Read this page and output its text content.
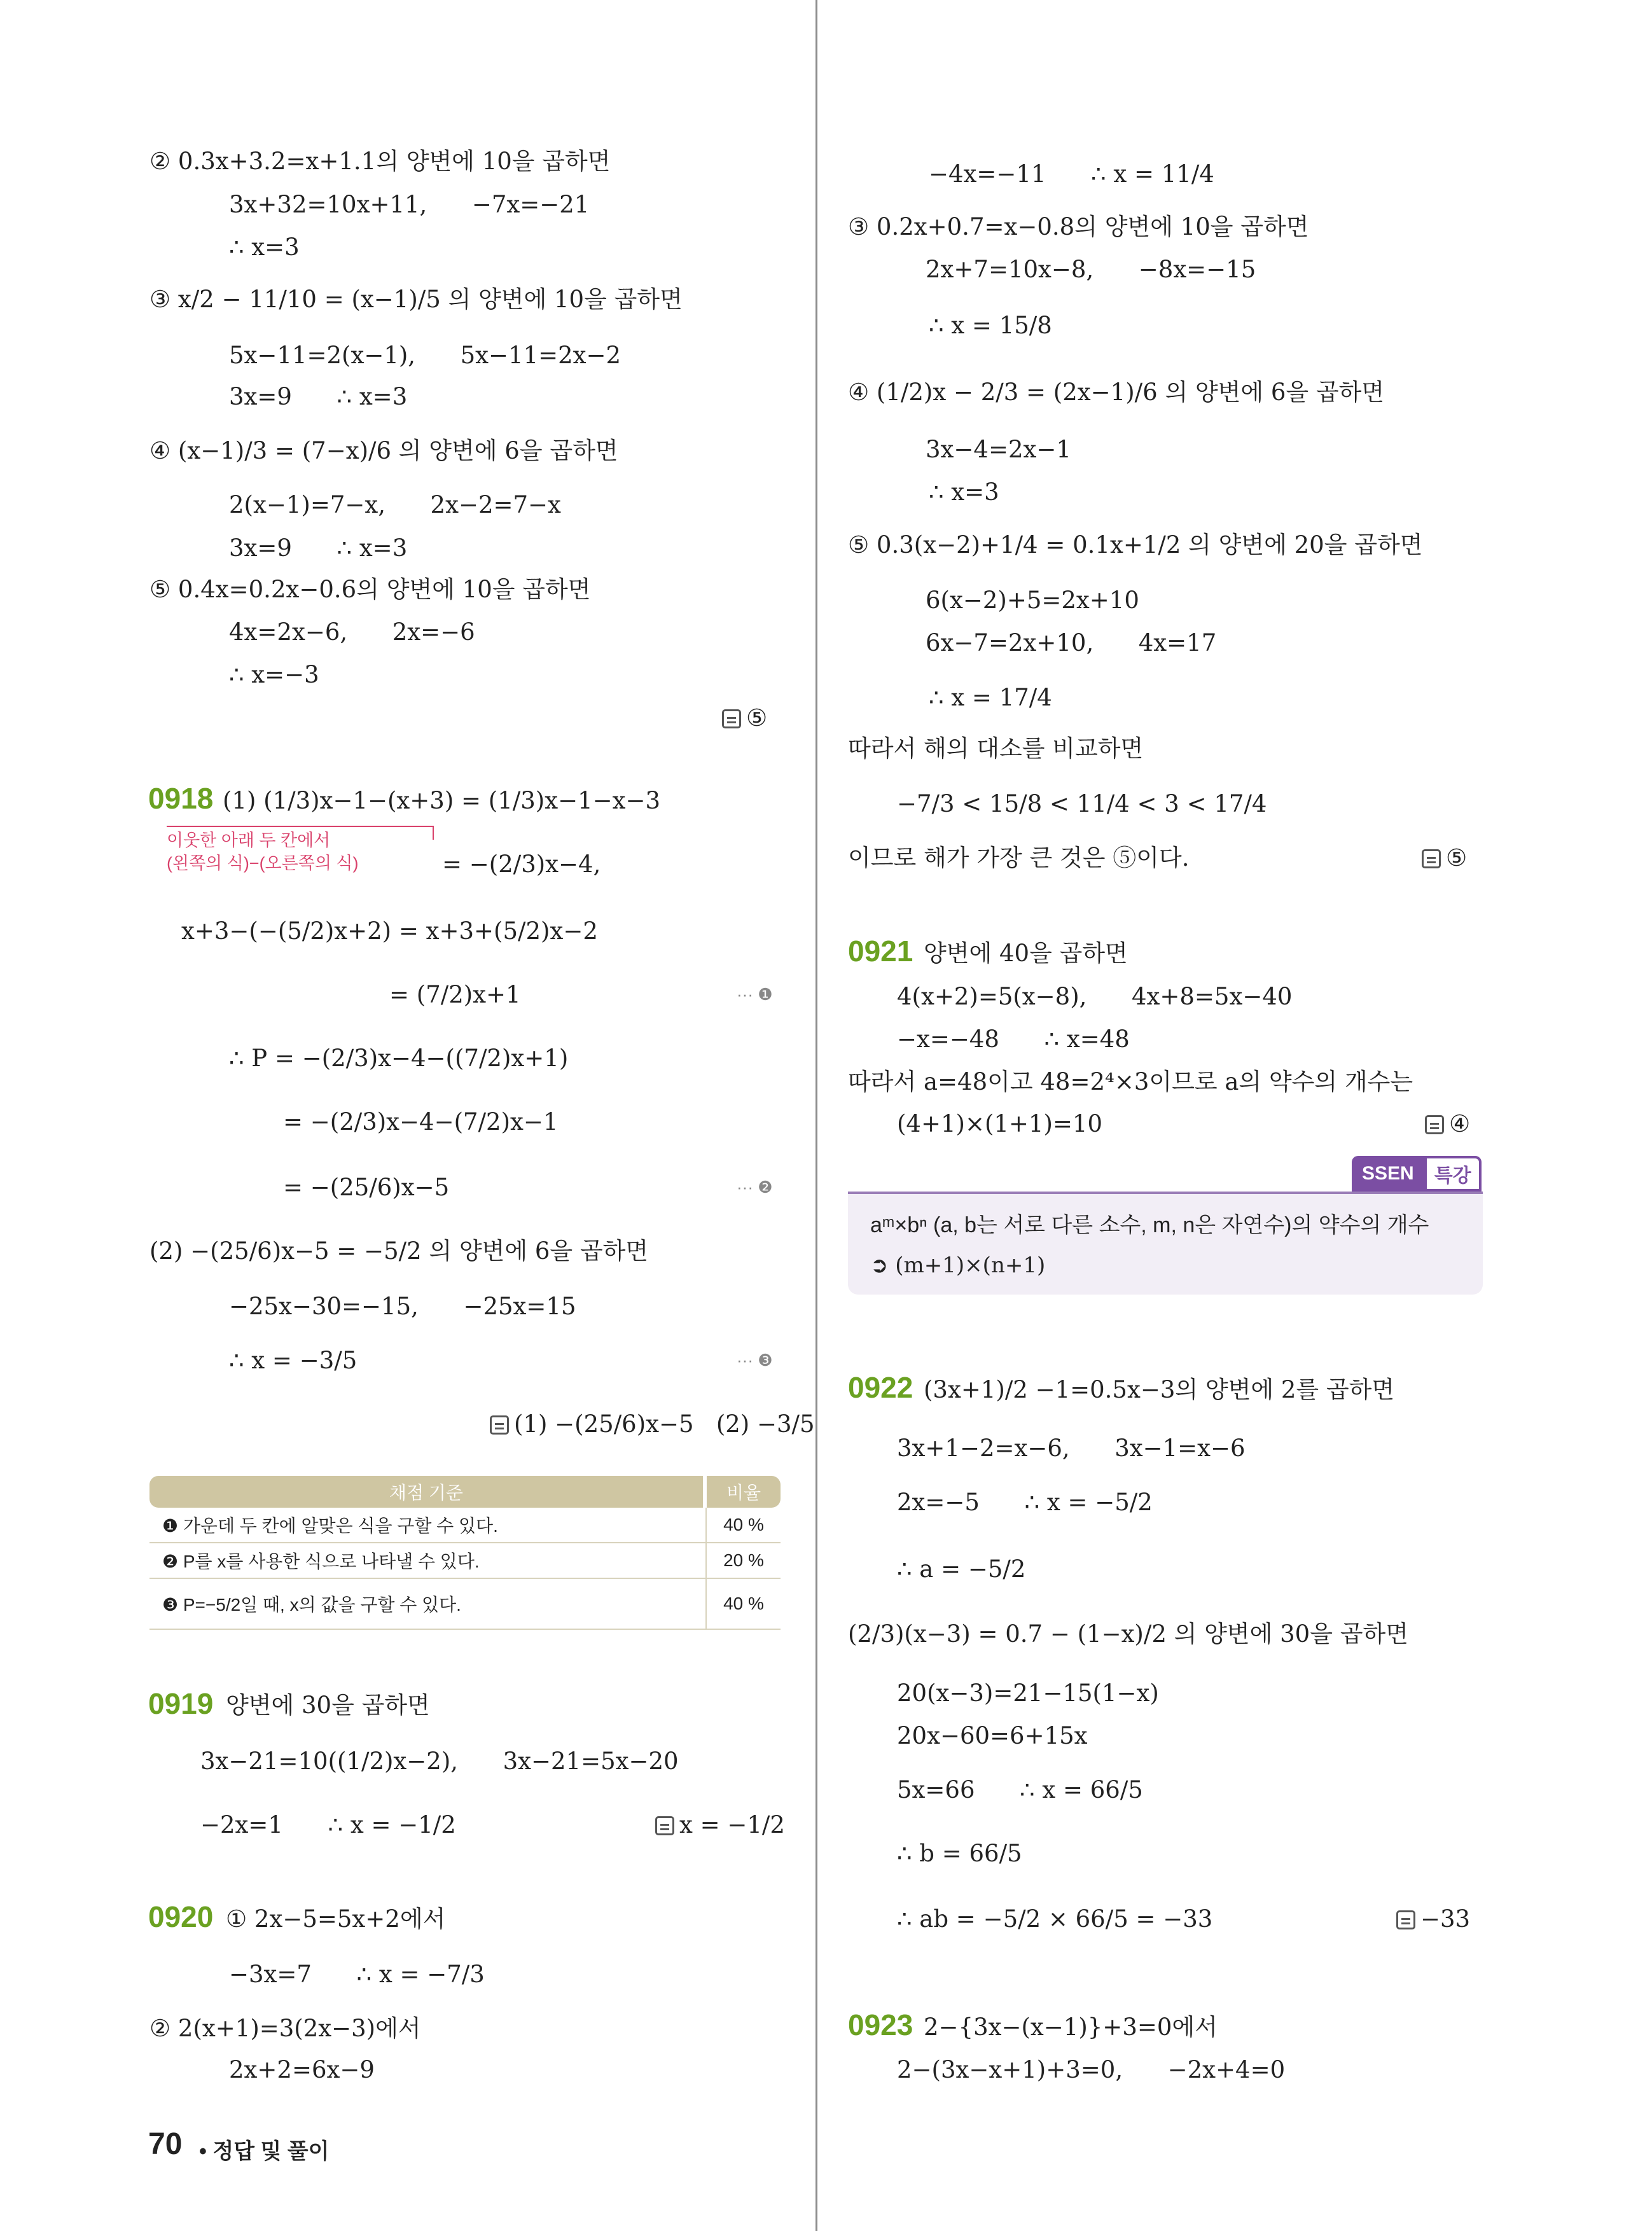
② 0.3x+3.2=x+1.1의 양변에 10을 곱하면
3x+32=10x+11,      −7x=−21
∴ x=3
③ x/2 − 11/10 = (x−1)/5 의 양변에 10을 곱하면
5x−11=2(x−1),      5x−11=2x−2
3x=9      ∴ x=3
④ (x−1)/3 = (7−x)/6 의 양변에 6을 곱하면
2(x−1)=7−x,      2x−2=7−x
3x=9      ∴ x=3
⑤ 0.4x=0.2x−0.6의 양변에 10을 곱하면
4x=2x−6,      2x=−6
∴ x=−3
⑤
0918 (1) (1/3)x−1−(x+3) = (1/3)x−1−x−3
이웃한 아래 두 칸에서
(왼쪽의 식)−(오른쪽의 식)	= −(2/3)x−4,
x+3−(−(5/2)x+2) = x+3+(5/2)x−2
= (7/2)x+1	··· ❶
∴ P = −(2/3)x−4−((7/2)x+1)
= −(2/3)x−4−(7/2)x−1
= −(25/6)x−5	··· ❷
(2) −(25/6)x−5 = −5/2 의 양변에 6을 곱하면
−25x−30=−15,      −25x=15
∴ x = −3/5	··· ❸
(1) −(25/6)x−5   (2) −3/5
채점 기준	비율
❶ 가운데 두 칸에 알맞은 식을 구할 수 있다.	40 %
❷ P를 x를 사용한 식으로 나타낼 수 있다.	20 %
❸ P=−5/2일 때, x의 값을 구할 수 있다.	40 %
0919 양변에 30을 곱하면
3x−21=10((1/2)x−2),      3x−21=5x−20
−2x=1      ∴ x = −1/2	x = −1/2
0920 ① 2x−5=5x+2에서
−3x=7      ∴ x = −7/3
② 2(x+1)=3(2x−3)에서
2x+2=6x−9
−4x=−11      ∴ x = 11/4
③ 0.2x+0.7=x−0.8의 양변에 10을 곱하면
2x+7=10x−8,      −8x=−15
∴ x = 15/8
④ (1/2)x − 2/3 = (2x−1)/6 의 양변에 6을 곱하면
3x−4=2x−1
∴ x=3
⑤ 0.3(x−2)+1/4 = 0.1x+1/2 의 양변에 20을 곱하면
6(x−2)+5=2x+10
6x−7=2x+10,      4x=17
∴ x = 17/4
따라서 해의 대소를 비교하면
−7/3 < 15/8 < 11/4 < 3 < 17/4
이므로 해가 가장 큰 것은 ⑤이다.	⑤
0921 양변에 40을 곱하면
4(x+2)=5(x−8),      4x+8=5x−40
−x=−48      ∴ x=48
따라서 a=48이고 48=2⁴×3이므로 a의 약수의 개수는
(4+1)×(1+1)=10	④
SSEN	특강
aᵐ×bⁿ (a, b는 서로 다른 소수, m, n은 자연수)의 약수의 개수
➲ (m+1)×(n+1)
0922 (3x+1)/2 −1=0.5x−3의 양변에 2를 곱하면
3x+1−2=x−6,      3x−1=x−6
2x=−5      ∴ x = −5/2
∴ a = −5/2
(2/3)(x−3) = 0.7 − (1−x)/2 의 양변에 30을 곱하면
20(x−3)=21−15(1−x)
20x−60=6+15x
5x=66      ∴ x = 66/5
∴ b = 66/5
∴ ab = −5/2 × 66/5 = −33	−33
0923 2−{3x−(x−1)}+3=0에서
2−(3x−x+1)+3=0,      −2x+4=0
70 • 정답 및 풀이
